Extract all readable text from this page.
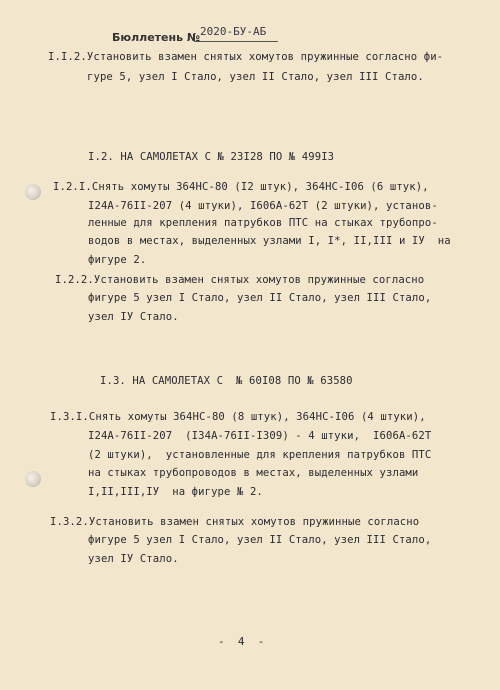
Бюллетень № 2020-БУ-АБ
I.I.2.Установить взамен снятых хомутов пружинные согласно фи-
гуре 5, узел I Стало, узел II Стало, узел III Стало.
I.2. НА САМОЛЕТАХ С № 23I28 ПО № 499I3
I.2.I.Снять хомуты 364НС-80 (I2 штук), 364НС-I06 (6 штук),
I24А-76II-207 (4 штуки), I606А-62Т (2 штуки), установ-
ленные для крепления патрубков ПТС на стыках трубопро-
водов в местах, выделенных узлами I, I*, II,III и IУ  на
фигуре 2.
I.2.2.Установить взамен снятых хомутов пружинные согласно
фигуре 5 узел I Стало, узел II Стало, узел III Стало,
узел IУ Стало.
I.3. НА САМОЛЕТАХ С  № 60I08 ПО № 63580
I.3.I.Снять хомуты 364НС-80 (8 штук), 364НС-I06 (4 штуки),
I24А-76II-207  (I34А-76II-I309) - 4 штуки,  I606А-62Т
(2 штуки),  установленные для крепления патрубков ПТС
на стыках трубопроводов в местах, выделенных узлами
I,II,III,IУ  на фигуре № 2.
I.3.2.Установить взамен снятых хомутов пружинные согласно
фигуре 5 узел I Стало, узел II Стало, узел III Стало,
узел IУ Стало.
-  4  -
